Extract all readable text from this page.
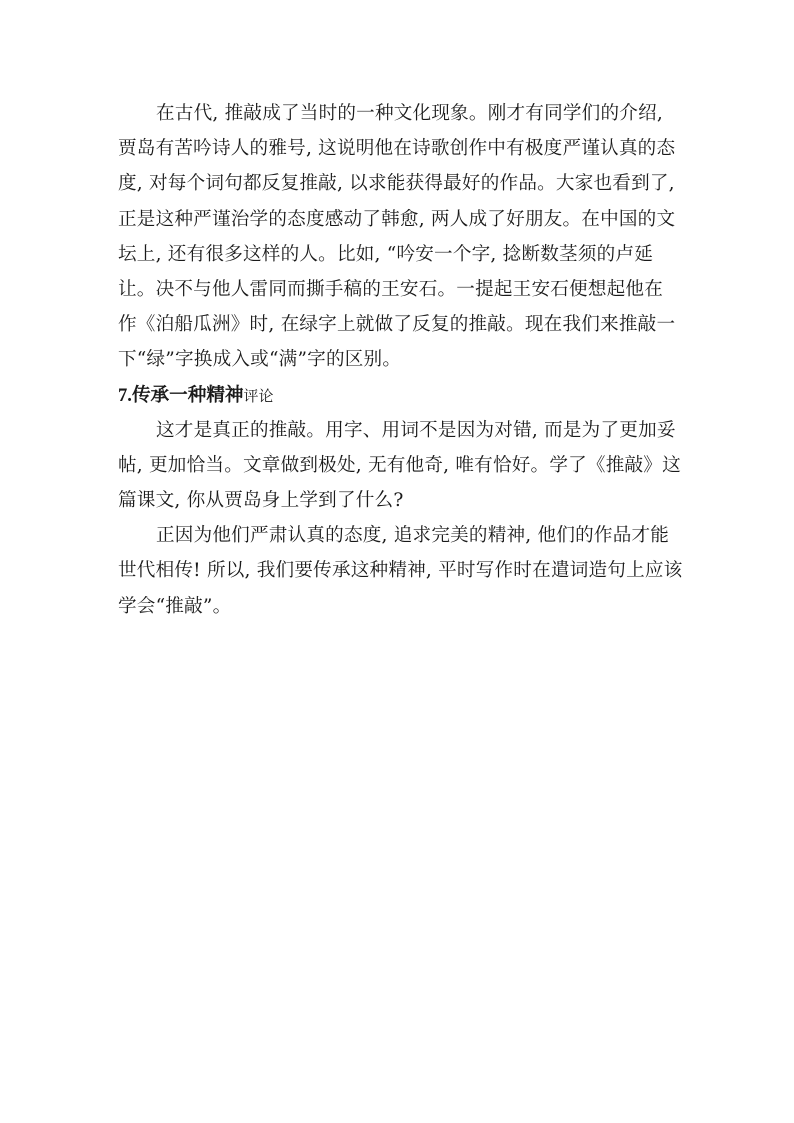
在古代, 推敲成了当时的一种文化现象。刚才有同学们的介绍,
贾岛有苦吟诗人的雅号, 这说明他在诗歌创作中有极度严谨认真的态
度, 对每个词句都反复推敲, 以求能获得最好的作品。大家也看到了,
正是这种严谨治学的态度感动了韩愈, 两人成了好朋友。在中国的文
坛上, 还有很多这样的人。比如, “吟安一个字, 捻断数茎须的卢延
让。决不与他人雷同而撕手稿的王安石。一提起王安石便想起他在
作《泊船瓜洲》时, 在绿字上就做了反复的推敲。现在我们来推敲一
下“绿”字换成入或“满”字的区别。
7.传承一种精神评论
这才是真正的推敲。用字、用词不是因为对错, 而是为了更加妥
帖, 更加恰当。文章做到极处, 无有他奇, 唯有恰好。学了《推敲》这
篇课文, 你从贾岛身上学到了什么?
正因为他们严肃认真的态度, 追求完美的精神, 他们的作品才能
世代相传! 所以, 我们要传承这种精神, 平时写作时在遣词造句上应该
学会“推敲”。
